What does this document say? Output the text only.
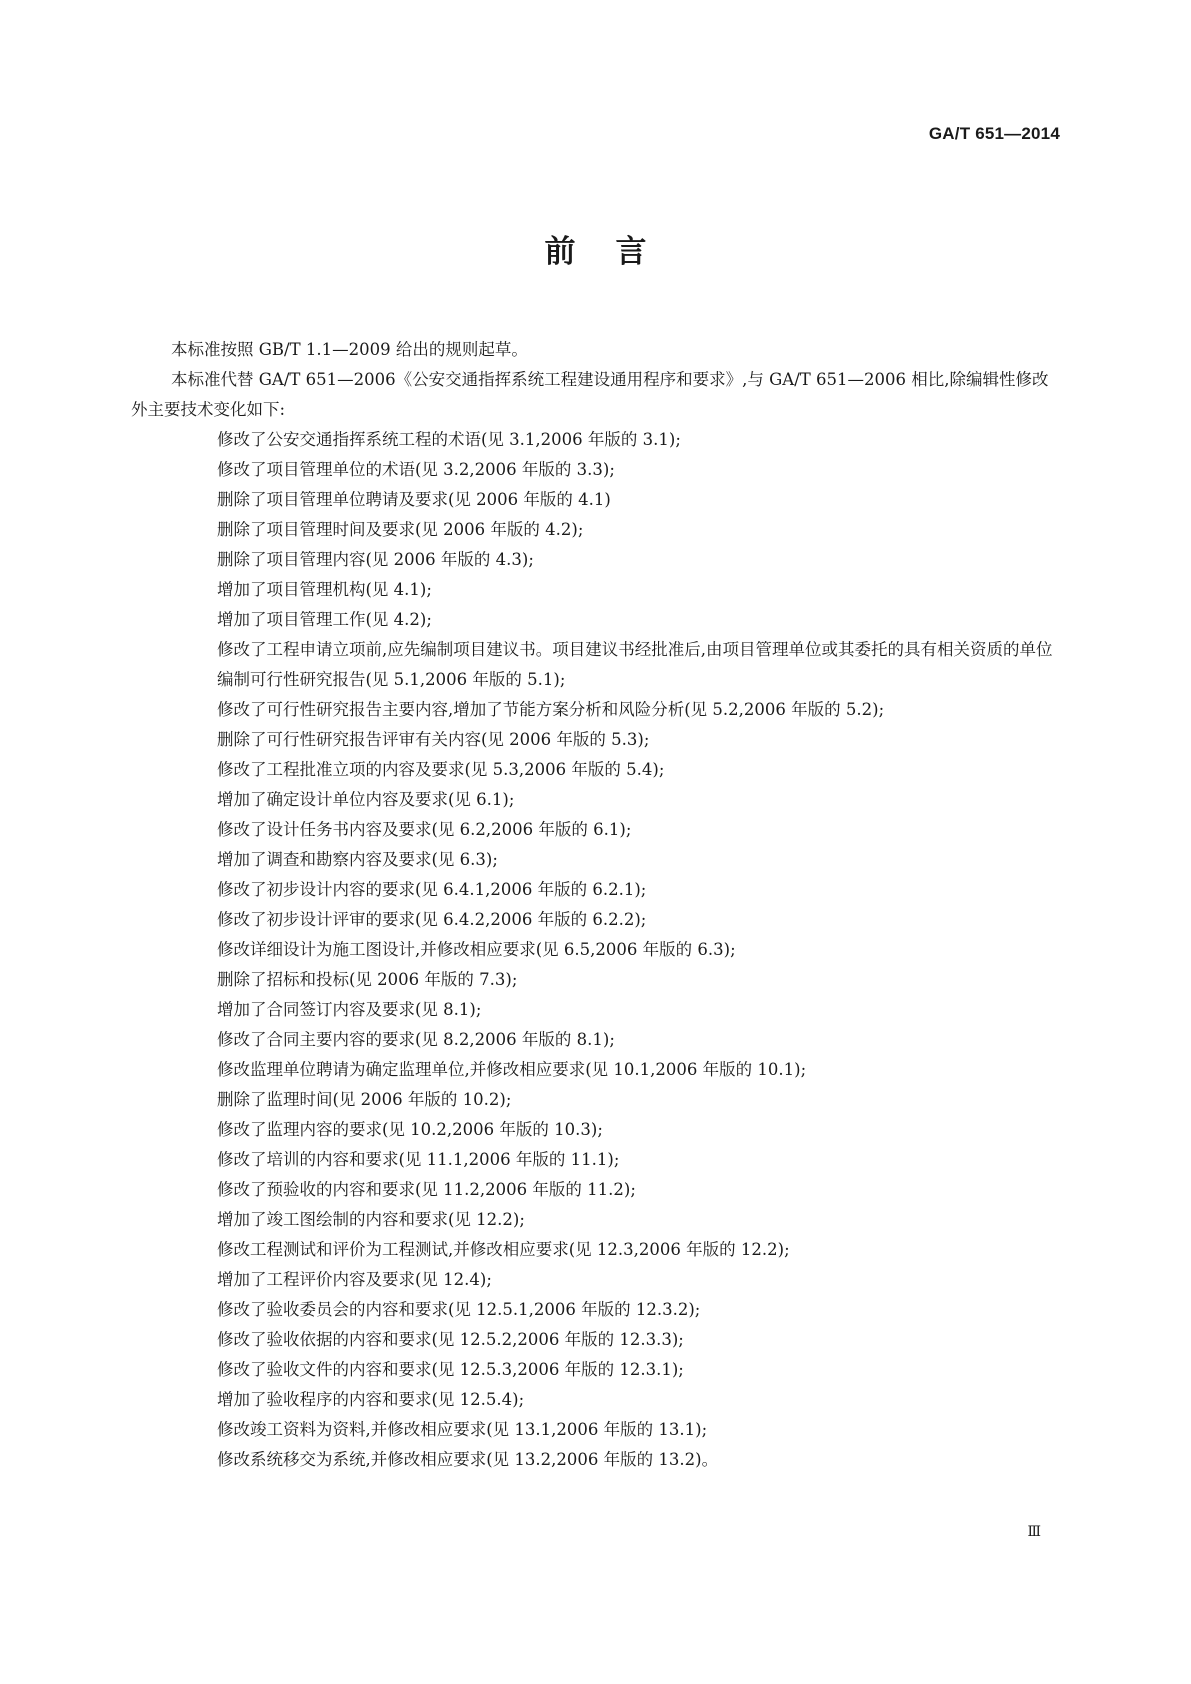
GA/T 651—2014
前言

本标准按照 GB/T 1.1—2009 给出的规则起草。

本标准代替 GA/T 651—2006《公安交通指挥系统工程建设通用程序和要求》,与 GA/T 651—2006 相比,除编辑性修改外主要技术变化如下:

修改了公安交通指挥系统工程的术语(见 3.1,2006 年版的 3.1);
修改了项目管理单位的术语(见 3.2,2006 年版的 3.3);
删除了项目管理单位聘请及要求(见 2006 年版的 4.1)
删除了项目管理时间及要求(见 2006 年版的 4.2);
删除了项目管理内容(见 2006 年版的 4.3);
增加了项目管理机构(见 4.1);
增加了项目管理工作(见 4.2);
修改了工程申请立项前,应先编制项目建议书。项目建议书经批准后,由项目管理单位或其委托的具有相关资质的单位编制可行性研究报告(见 5.1,2006 年版的 5.1);
修改了可行性研究报告主要内容,增加了节能方案分析和风险分析(见 5.2,2006 年版的 5.2);
删除了可行性研究报告评审有关内容(见 2006 年版的 5.3);
修改了工程批准立项的内容及要求(见 5.3,2006 年版的 5.4);
增加了确定设计单位内容及要求(见 6.1);
修改了设计任务书内容及要求(见 6.2,2006 年版的 6.1);
增加了调查和勘察内容及要求(见 6.3);
修改了初步设计内容的要求(见 6.4.1,2006 年版的 6.2.1);
修改了初步设计评审的要求(见 6.4.2,2006 年版的 6.2.2);
修改详细设计为施工图设计,并修改相应要求(见 6.5,2006 年版的 6.3);
删除了招标和投标(见 2006 年版的 7.3);
增加了合同签订内容及要求(见 8.1);
修改了合同主要内容的要求(见 8.2,2006 年版的 8.1);
修改监理单位聘请为确定监理单位,并修改相应要求(见 10.1,2006 年版的 10.1);
删除了监理时间(见 2006 年版的 10.2);
修改了监理内容的要求(见 10.2,2006 年版的 10.3);
修改了培训的内容和要求(见 11.1,2006 年版的 11.1);
修改了预验收的内容和要求(见 11.2,2006 年版的 11.2);
增加了竣工图绘制的内容和要求(见 12.2);
修改工程测试和评价为工程测试,并修改相应要求(见 12.3,2006 年版的 12.2);
增加了工程评价内容及要求(见 12.4);
修改了验收委员会的内容和要求(见 12.5.1,2006 年版的 12.3.2);
修改了验收依据的内容和要求(见 12.5.2,2006 年版的 12.3.3);
修改了验收文件的内容和要求(见 12.5.3,2006 年版的 12.3.1);
增加了验收程序的内容和要求(见 12.5.4);
修改竣工资料为资料,并修改相应要求(见 13.1,2006 年版的 13.1);
修改系统移交为系统,并修改相应要求(见 13.2,2006 年版的 13.2)。
Ⅲ
